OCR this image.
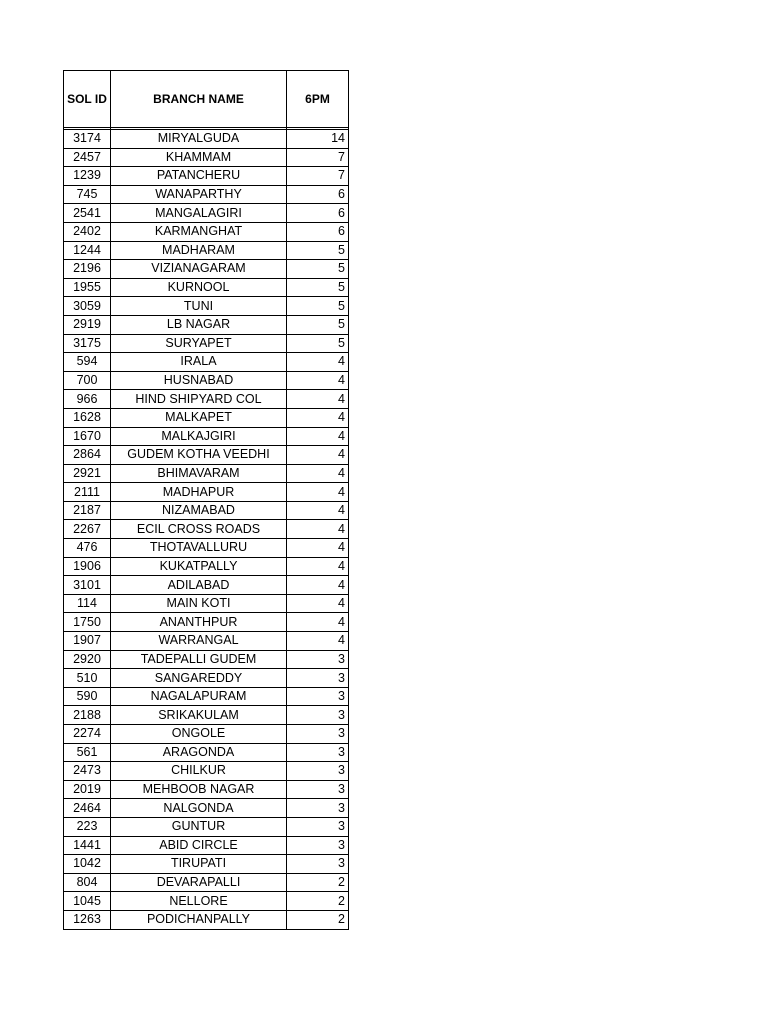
SOL ID	BRANCH NAME	6PM

3174	MIRYALGUDA	14
2457	KHAMMAM	7
1239	PATANCHERU	7
745	WANAPARTHY	6
2541	MANGALAGIRI	6
2402	KARMANGHAT	6
1244	MADHARAM	5
2196	VIZIANAGARAM	5
1955	KURNOOL	5
3059	TUNI	5
2919	LB NAGAR	5
3175	SURYAPET	5
594	IRALA	4
700	HUSNABAD	4
966	HIND SHIPYARD COL	4
1628	MALKAPET	4
1670	MALKAJGIRI	4
2864	GUDEM KOTHA VEEDHI	4
2921	BHIMAVARAM	4
2111	MADHAPUR	4
2187	NIZAMABAD	4
2267	ECIL CROSS ROADS	4
476	THOTAVALLURU	4
1906	KUKATPALLY	4
3101	ADILABAD	4
114	MAIN KOTI	4
1750	ANANTHPUR	4
1907	WARRANGAL	4
2920	TADEPALLI GUDEM	3
510	SANGAREDDY	3
590	NAGALAPURAM	3
2188	SRIKAKULAM	3
2274	ONGOLE	3
561	ARAGONDA	3
2473	CHILKUR	3
2019	MEHBOOB NAGAR	3
2464	NALGONDA	3
223	GUNTUR	3
1441	ABID CIRCLE	3
1042	TIRUPATI	3
804	DEVARAPALLI	2
1045	NELLORE	2
1263	PODICHANPALLY	2
